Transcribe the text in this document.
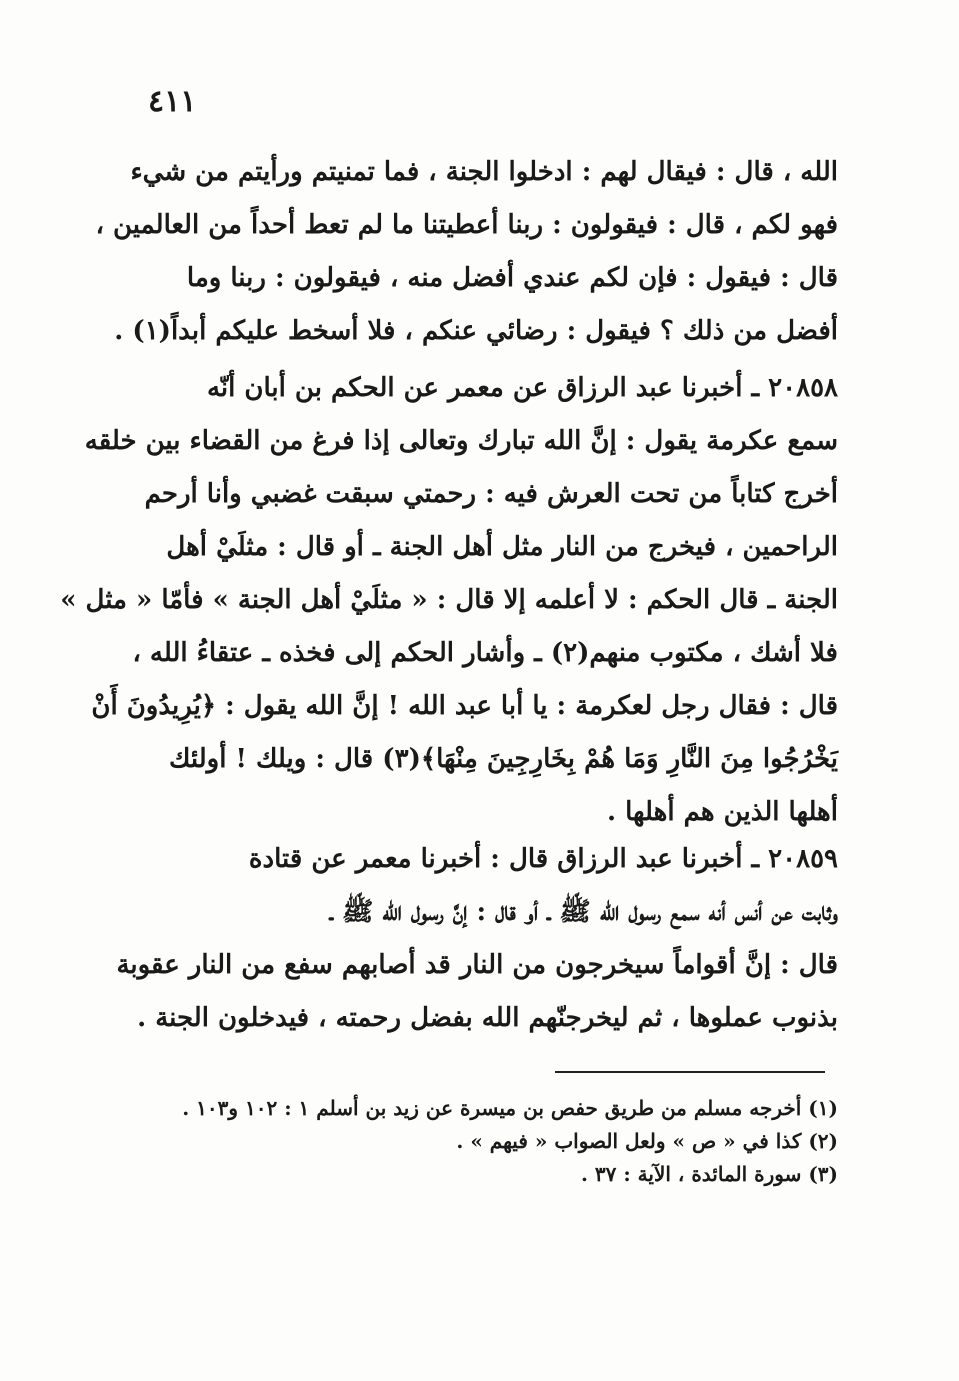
٤١١
الله ، قال : فيقال لهم : ادخلوا الجنة ، فما تمنيتم ورأيتم من شيء
فهو لكم ، قال : فيقولون : ربنا أعطيتنا ما لم تعط أحداً من العالمين ،
قال : فيقول : فإن لكم عندي أفضل منه ، فيقولون : ربنا وما
أفضل من ذلك ؟ فيقول : رضائي عنكم ، فلا أسخط عليكم أبداً(١) .
٢٠٨٥٨ ـ أخبرنا عبد الرزاق عن معمر عن الحكم بن أبان أنّه
سمع عكرمة يقول : إنَّ الله تبارك وتعالى إذا فرغ من القضاء بين خلقه
أخرج كتاباً من تحت العرش فيه : رحمتي سبقت غضبي وأنا أرحم
الراحمين ، فيخرج من النار مثل أهل الجنة ـ أو قال : مثلَيْ أهل
الجنة ـ قال الحكم : لا أعلمه إلا قال : « مثلَيْ أهل الجنة » فأمّا « مثل »
فلا أشك ، مكتوب منهم(٢) ـ وأشار الحكم إلى فخذه ـ عتقاءُ الله ،
قال : فقال رجل لعكرمة : يا أبا عبد الله ! إنَّ الله يقول : ﴿يُرِيدُونَ أَنْ
يَخْرُجُوا مِنَ النَّارِ وَمَا هُمْ بِخَارِجِينَ مِنْهَا﴾(٣) قال : ويلك ! أولئك
أهلها الذين هم أهلها .
٢٠٨٥٩ ـ أخبرنا عبد الرزاق قال : أخبرنا معمر عن قتادة
وثابت عن أنس أنه سمع رسول الله ﷺ ـ أو قال : إنَّ رسول الله ﷺ ـ
قال : إنَّ أقواماً سيخرجون من النار قد أصابهم سفع من النار عقوبة
بذنوب عملوها ، ثم ليخرجنّهم الله بفضل رحمته ، فيدخلون الجنة .
(١) أخرجه مسلم من طريق حفص بن ميسرة عن زيد بن أسلم ١ : ١٠٢ و١٠٣ .
(٢) كذا في « ص » ولعل الصواب « فيهم » .
(٣) سورة المائدة ، الآية : ٣٧ .
